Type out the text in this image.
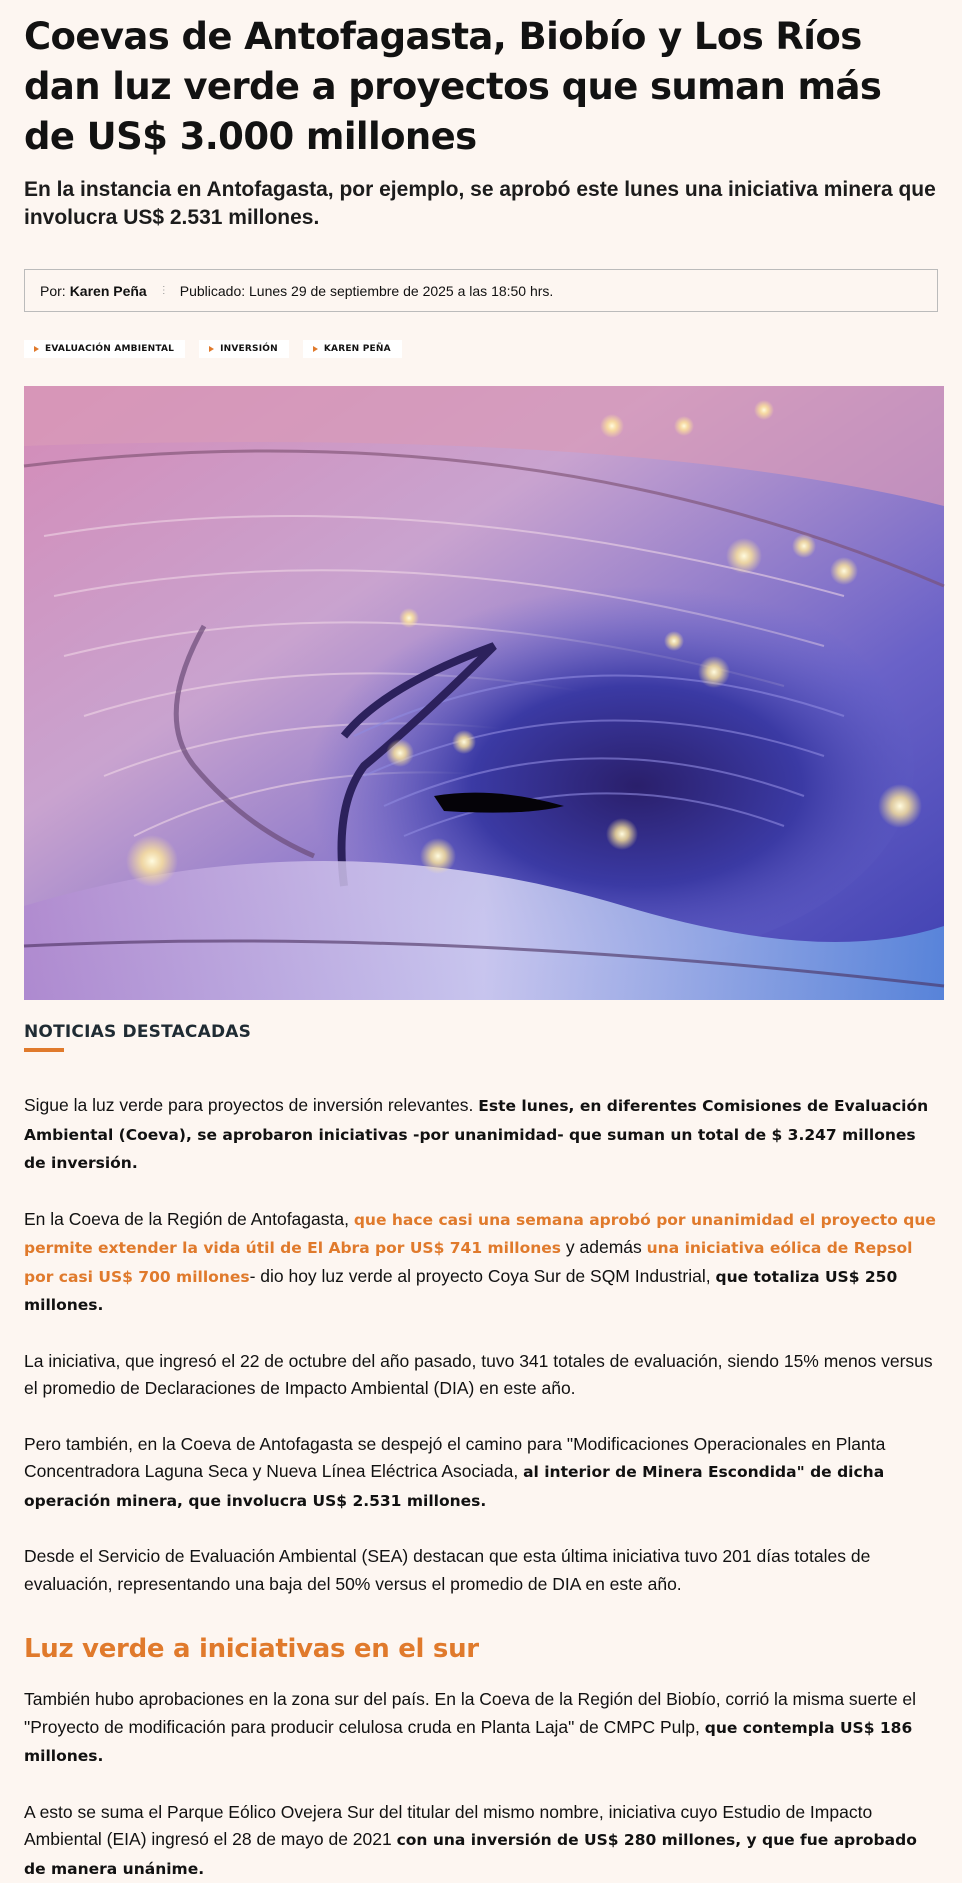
Coevas de Antofagasta, Biobío y Los Ríos dan luz verde a proyectos que suman más de US$ 3.000 millones
En la instancia en Antofagasta, por ejemplo, se aprobó este lunes una iniciativa minera que involucra US$ 2.531 millones.
Por: Karen Peña ⋮ Publicado: Lunes 29 de septiembre de 2025 a las 18:50 hrs.
EVALUACIÓN AMBIENTAL	INVERSIÓN	KAREN PEÑA
NOTICIAS DESTACADAS

Sigue la luz verde para proyectos de inversión relevantes. Este lunes, en diferentes Comisiones de Evaluación Ambiental (Coeva), se aprobaron iniciativas -por unanimidad- que suman un total de $ 3.247 millones de inversión.

En la Coeva de la Región de Antofagasta, que hace casi una semana aprobó por unanimidad el proyecto que permite extender la vida útil de El Abra por US$ 741 millones y además una iniciativa eólica de Repsol por casi US$ 700 millones- dio hoy luz verde al proyecto Coya Sur de SQM Industrial, que totaliza US$ 250 millones.

La iniciativa, que ingresó el 22 de octubre del año pasado, tuvo 341 totales de evaluación, siendo 15% menos versus el promedio de Declaraciones de Impacto Ambiental (DIA) en este año.

Pero también, en la Coeva de Antofagasta se despejó el camino para "Modificaciones Operacionales en Planta Concentradora Laguna Seca y Nueva Línea Eléctrica Asociada, al interior de Minera Escondida" de dicha operación minera, que involucra US$ 2.531 millones.

Desde el Servicio de Evaluación Ambiental (SEA) destacan que esta última iniciativa tuvo 201 días totales de evaluación, representando una baja del 50% versus el promedio de DIA en este año.

Luz verde a iniciativas en el sur

También hubo aprobaciones en la zona sur del país. En la Coeva de la Región del Biobío, corrió la misma suerte el "Proyecto de modificación para producir celulosa cruda en Planta Laja" de CMPC Pulp, que contempla US$ 186 millones.

A esto se suma el Parque Eólico Ovejera Sur del titular del mismo nombre, iniciativa cuyo Estudio de Impacto Ambiental (EIA) ingresó el 28 de mayo de 2021 con una inversión de US$ 280 millones, y que fue aprobado de manera unánime.
